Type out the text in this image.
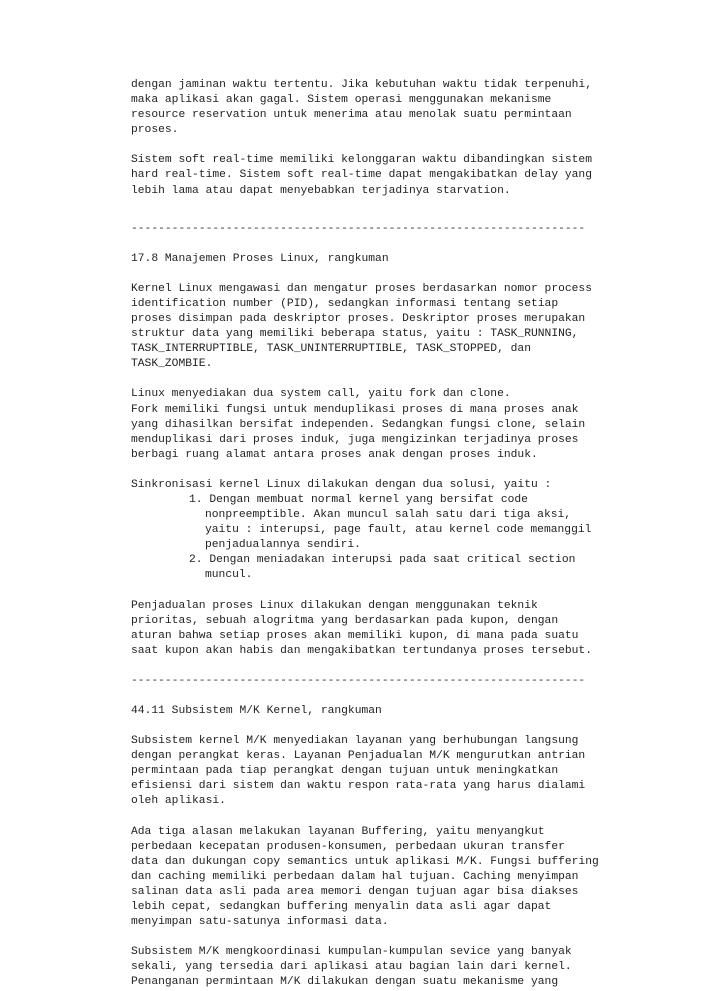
dengan jaminan waktu tertentu. Jika kebutuhan waktu tidak terpenuhi,

maka aplikasi akan gagal. Sistem operasi menggunakan mekanisme

resource reservation untuk menerima atau menolak suatu permintaan

proses.

Sistem soft real-time memiliki kelonggaran waktu dibandingkan sistem

hard real-time. Sistem soft real-time dapat mengakibatkan delay yang

lebih lama atau dapat menyebabkan terjadinya starvation.

-------------------------------------------------------------------

17.8 Manajemen Proses Linux, rangkuman

Kernel Linux mengawasi dan mengatur proses berdasarkan nomor process

identification number (PID), sedangkan informasi tentang setiap

proses disimpan pada deskriptor proses. Deskriptor proses merupakan

struktur data yang memiliki beberapa status, yaitu : TASK_RUNNING,

TASK_INTERRUPTIBLE, TASK_UNINTERRUPTIBLE, TASK_STOPPED, dan

TASK_ZOMBIE.

Linux menyediakan dua system call, yaitu fork dan clone.

Fork memiliki fungsi untuk menduplikasi proses di mana proses anak

yang dihasilkan bersifat independen. Sedangkan fungsi clone, selain

menduplikasi dari proses induk, juga mengizinkan terjadinya proses

berbagi ruang alamat antara proses anak dengan proses induk.

Sinkronisasi kernel Linux dilakukan dengan dua solusi, yaitu :

1. Dengan membuat normal kernel yang bersifat code

nonpreemptible. Akan muncul salah satu dari tiga aksi,

yaitu : interupsi, page fault, atau kernel code memanggil

penjadualannya sendiri.

2. Dengan meniadakan interupsi pada saat critical section

muncul.

Penjadualan proses Linux dilakukan dengan menggunakan teknik

prioritas, sebuah alogritma yang berdasarkan pada kupon, dengan

aturan bahwa setiap proses akan memiliki kupon, di mana pada suatu

saat kupon akan habis dan mengakibatkan tertundanya proses tersebut.

-------------------------------------------------------------------

44.11 Subsistem M/K Kernel, rangkuman

Subsistem kernel M/K menyediakan layanan yang berhubungan langsung

dengan perangkat keras. Layanan Penjadualan M/K mengurutkan antrian

permintaan pada tiap perangkat dengan tujuan untuk meningkatkan

efisiensi dari sistem dan waktu respon rata-rata yang harus dialami

oleh aplikasi.

Ada tiga alasan melakukan layanan Buffering, yaitu menyangkut

perbedaan kecepatan produsen-konsumen, perbedaan ukuran transfer

data dan dukungan copy semantics untuk aplikasi M/K. Fungsi buffering

dan caching memiliki perbedaan dalam hal tujuan. Caching menyimpan

salinan data asli pada area memori dengan tujuan agar bisa diakses

lebih cepat, sedangkan buffering menyalin data asli agar dapat

menyimpan satu-satunya informasi data.

Subsistem M/K mengkoordinasi kumpulan-kumpulan sevice yang banyak

sekali, yang tersedia dari aplikasi atau bagian lain dari kernel.

Penanganan permintaan M/K dilakukan dengan suatu mekanisme yang
